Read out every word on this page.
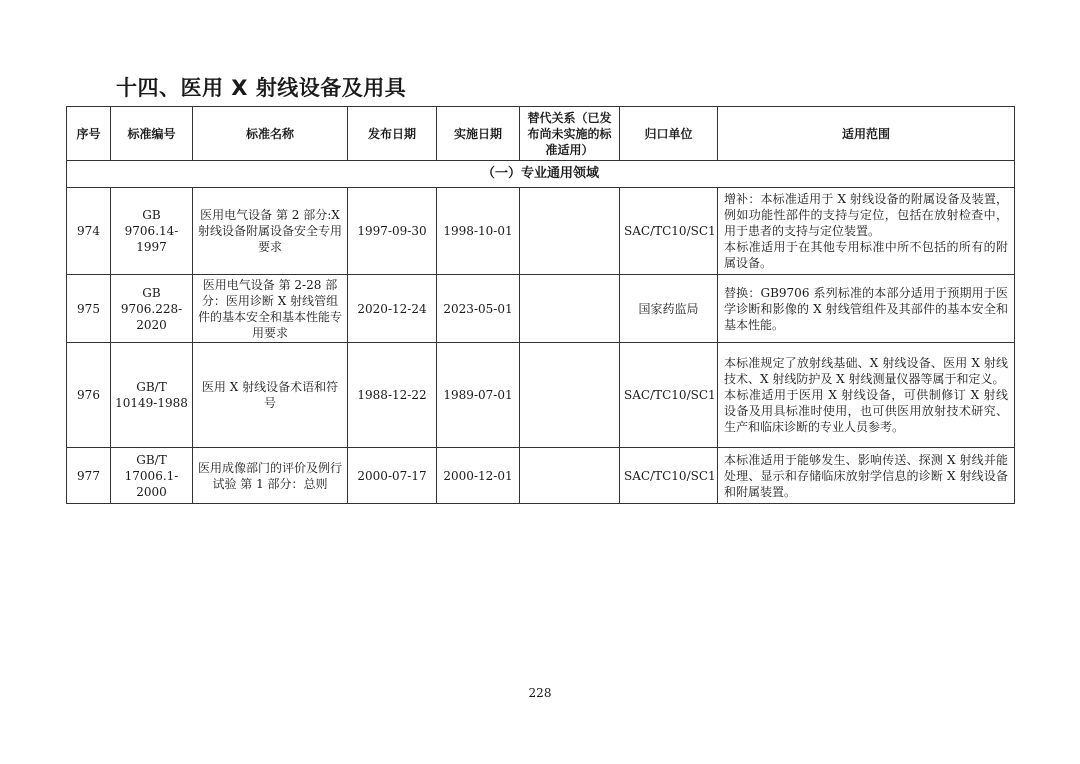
十四、医用 X 射线设备及用具
序号	标准编号	标准名称	发布日期	实施日期	替代关系（已发布尚未实施的标准适用）	归口单位	适用范围
（一）专业通用领域							
974	GB 9706.14-1997	医用电气设备 第 2 部分:X 射线设备附属设备安全专用要求	1997-09-30	1998-10-01		SAC/TC10/SC1	增补：本标准适用于 X 射线设备的附属设备及装置，例如功能性部件的支持与定位，包括在放射检查中，用于患者的支持与定位装置。

本标准适用于在其他专用标准中所不包括的所有的附属设备。

975	GB 9706.228-2020	医用电气设备 第 2-28 部分：医用诊断 X 射线管组件的基本安全和基本性能专用要求	2020-12-24	2023-05-01		国家药监局	替换：GB9706 系列标准的本部分适用于预期用于医学诊断和影像的 X 射线管组件及其部件的基本安全和基本性能。

976	GB/T 10149-1988	医用 X 射线设备术语和符号	1988-12-22	1989-07-01		SAC/TC10/SC1	本标准规定了放射线基础、X 射线设备、医用 X 射线技术、X 射线防护及 X 射线测量仪器等属于和定义。

本标准适用于医用 X 射线设备，可供制修订 X 射线设备及用具标准时使用，也可供医用放射技术研究、生产和临床诊断的专业人员参考。

977	GB/T 17006.1-2000	医用成像部门的评价及例行试验 第 1 部分：总则	2000-07-17	2000-12-01		SAC/TC10/SC1	本标准适用于能够发生、影响传送、探测 X 射线并能处理、显示和存储临床放射学信息的诊断 X 射线设备和附属装置。

228
